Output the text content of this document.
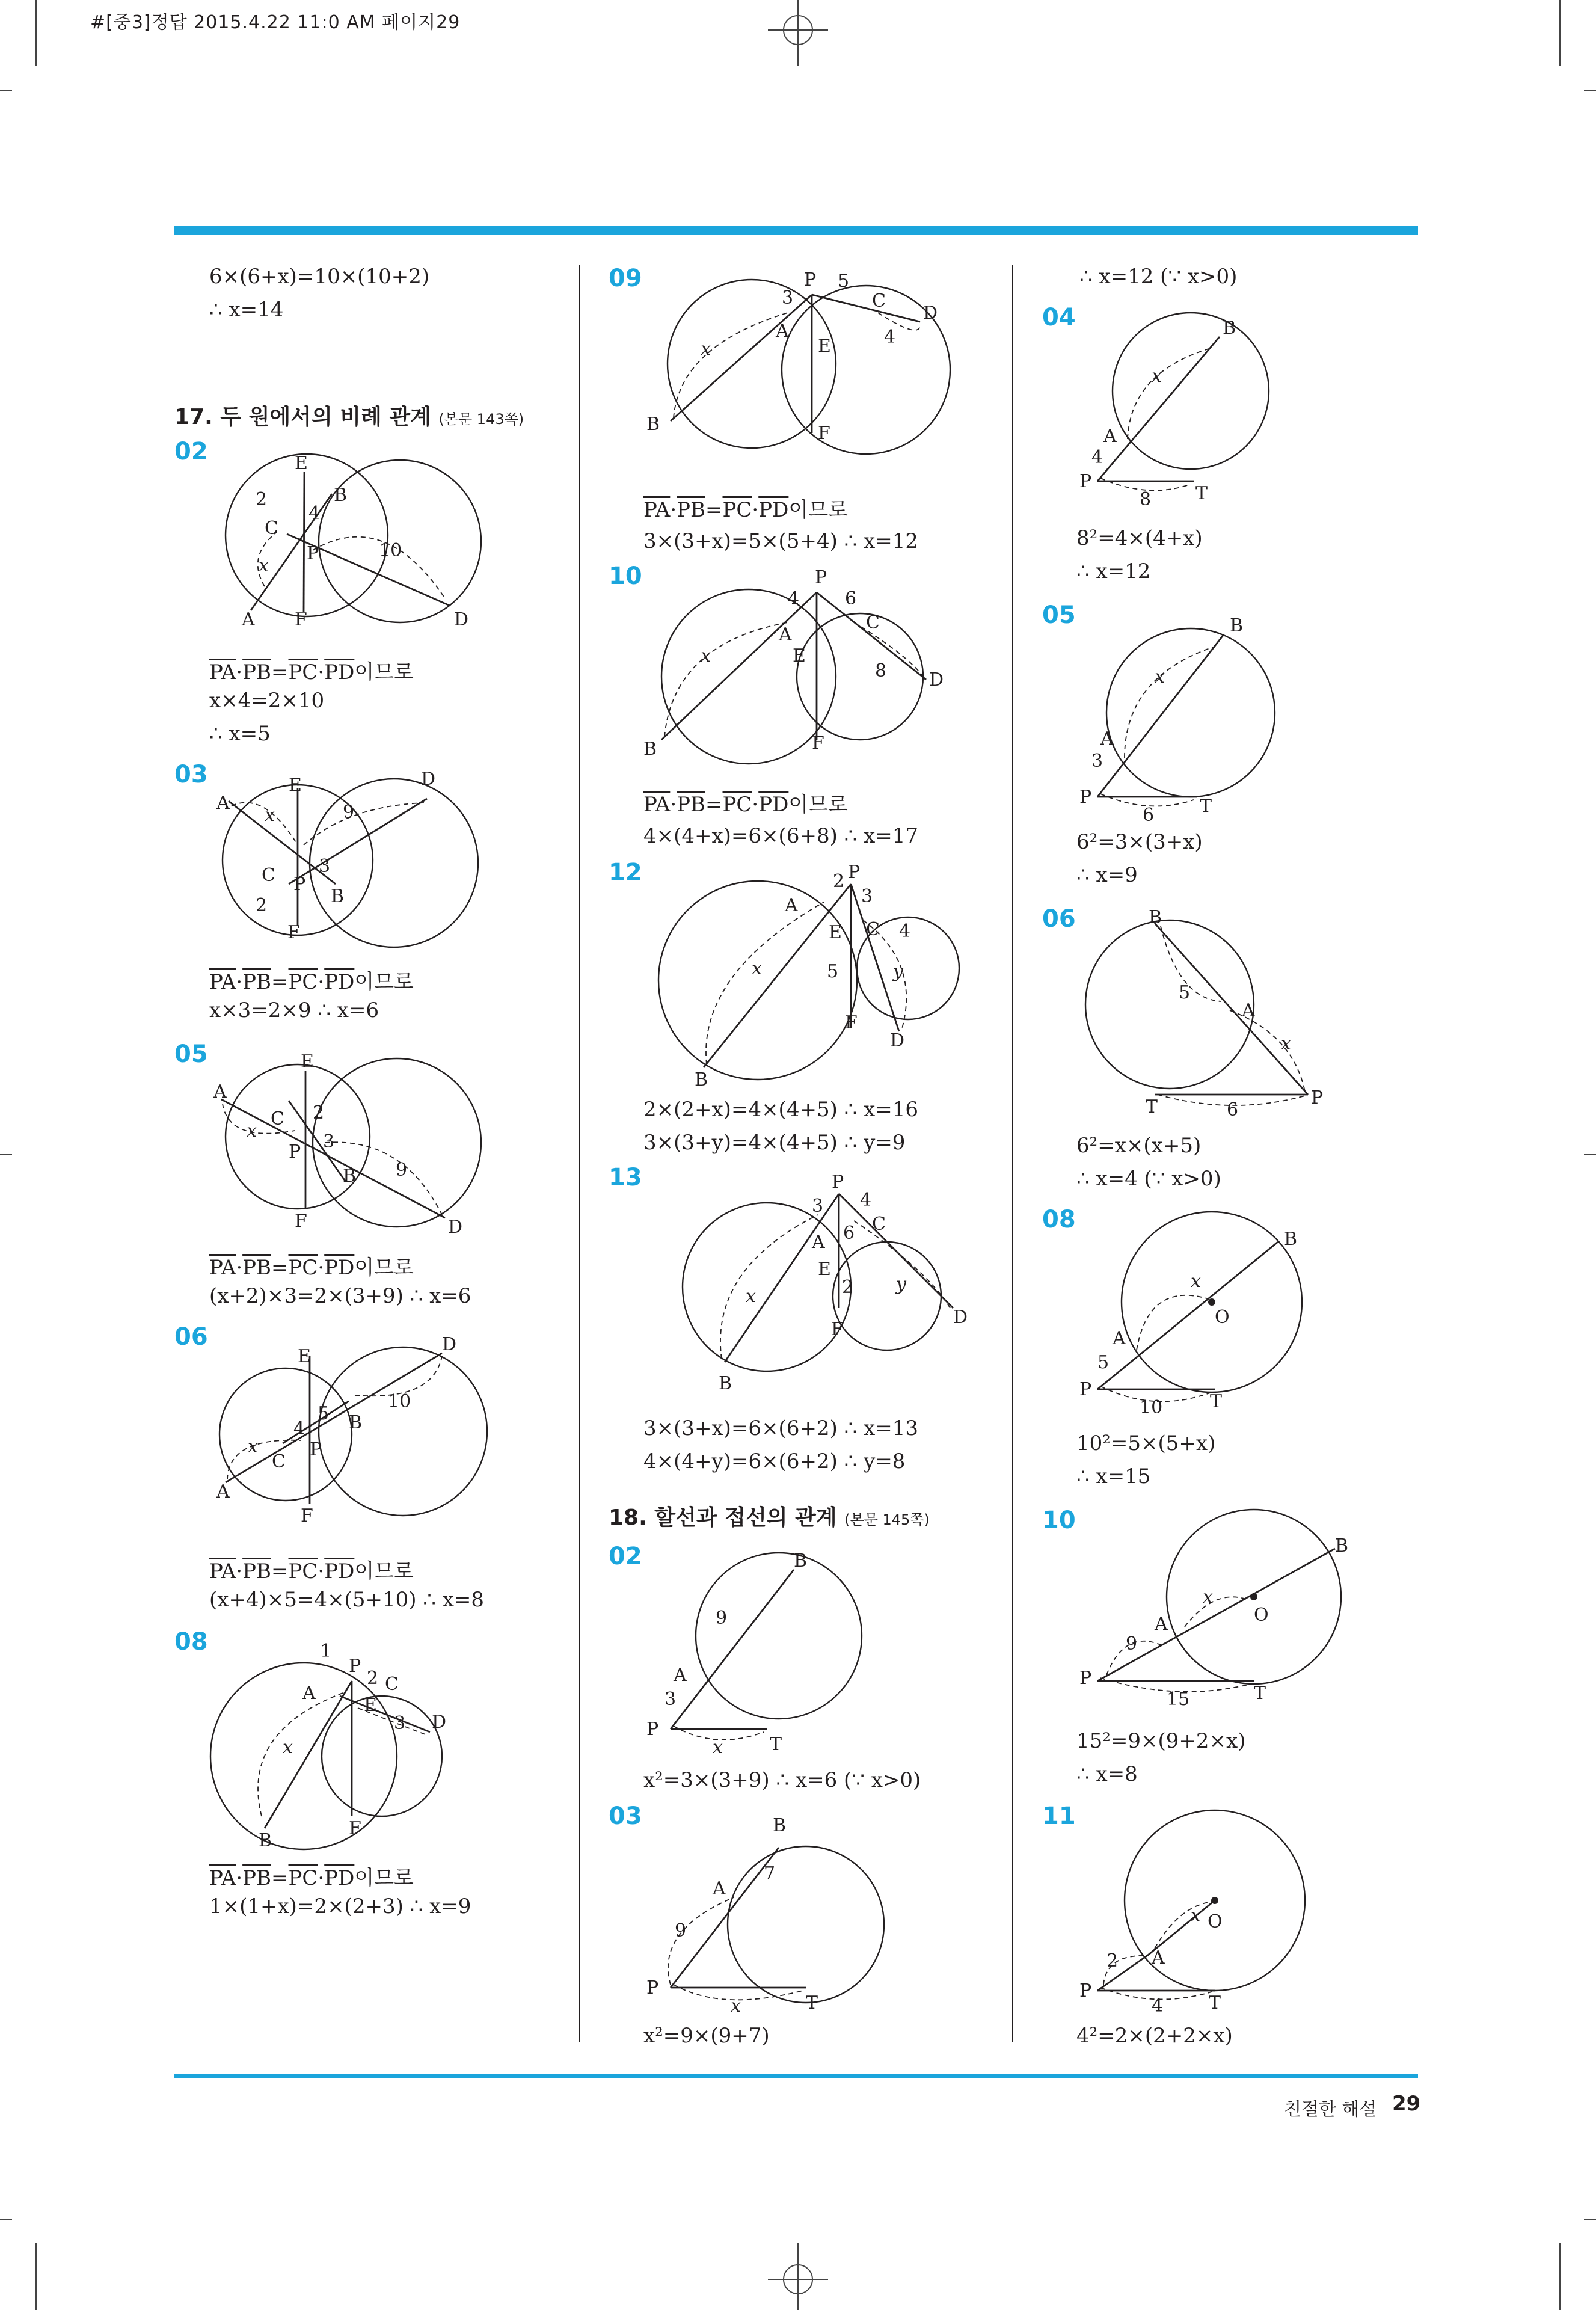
#[중3]정답 2015.4.22 11:0 AM 페이지29
6×(6+x)=10×(10+2)
∴ x=14
17. 두 원에서의 비례 관계 (본문 143쪽)
02	E
B
C
P
A F	D
2
4
x
10
$\overline{PA}\cdot\overline{PB}=\overline{PC}\cdot\overline{PD}$이므로
x×4=2×10
∴ x=5
03
A
E	D
C P
B
F
x	9
3
2
$\overline{PA}\cdot\overline{PB}=\overline{PC}\cdot\overline{PD}$이므로
x×3=2×9 ∴ x=6
05	E
A
C
P
B
F	D
x
2
3
9
$\overline{PA}\cdot\overline{PB}=\overline{PC}\cdot\overline{PD}$이므로
(x+2)×3=2×(3+9) ∴ x=6
06
E
D
5
10
4 B
x	P
C
A
F
$\overline{PA}\cdot\overline{PB}=\overline{PC}\cdot\overline{PD}$이므로
(x+4)×5=4×(5+10) ∴ x=8
08	1
P
2 C
A
E
3 D
x
B
F
$\overline{PA}\cdot\overline{PB}=\overline{PC}\cdot\overline{PD}$이므로
1×(1+x)=2×(2+3) ∴ x=9
09	P 5
3	C
D
x
A
E	4
B	F
$\overline{PA}\cdot\overline{PB}=\overline{PC}\cdot\overline{PD}$이므로
3×(3+x)=5×(5+4) ∴ x=12
10	P
4	6
A
C
x	E
8 D
B	F
$\overline{PA}\cdot\overline{PB}=\overline{PC}\cdot\overline{PD}$이므로
4×(4+x)=6×(6+8) ∴ x=17
12	2 P
3
A
E C 4
x	5	y
F
D
B
2×(2+x)=4×(4+5) ∴ x=16
3×(3+y)=4×(4+5) ∴ y=9
13	P
3 4
C
A 6
E
x	2 y
D
F
B
3×(3+x)=6×(6+2) ∴ x=13
4×(4+y)=6×(6+2) ∴ y=8
18. 할선과 접선의 관계 (본문 145쪽)
02	B
9
A
3
P
x	T
x²=3×(3+9) ∴ x=6 (∵ x>0)
03	B
A
7
9
P
x	T
x²=9×(9+7)
∴ x=12 (∵ x>0)
04	B
x
A
4
P
8 T
8²=4×(4+x)
∴ x=12
05	B
x
A
3
P
6	T
6²=3×(3+x)
∴ x=9
06	B
5
A
x
T	6
P
6²=x×(x+5)
∴ x=4 (∵ x>0)
08
B
x
O
A
5
P
10	T
10²=5×(5+x)
∴ x=15
10
B
x
O
A
9
P
15	T
15²=9×(9+2×x)
∴ x=8
11
x O
2 A
P
4	T
4²=2×(2+2×x)
친절한 해설 29
